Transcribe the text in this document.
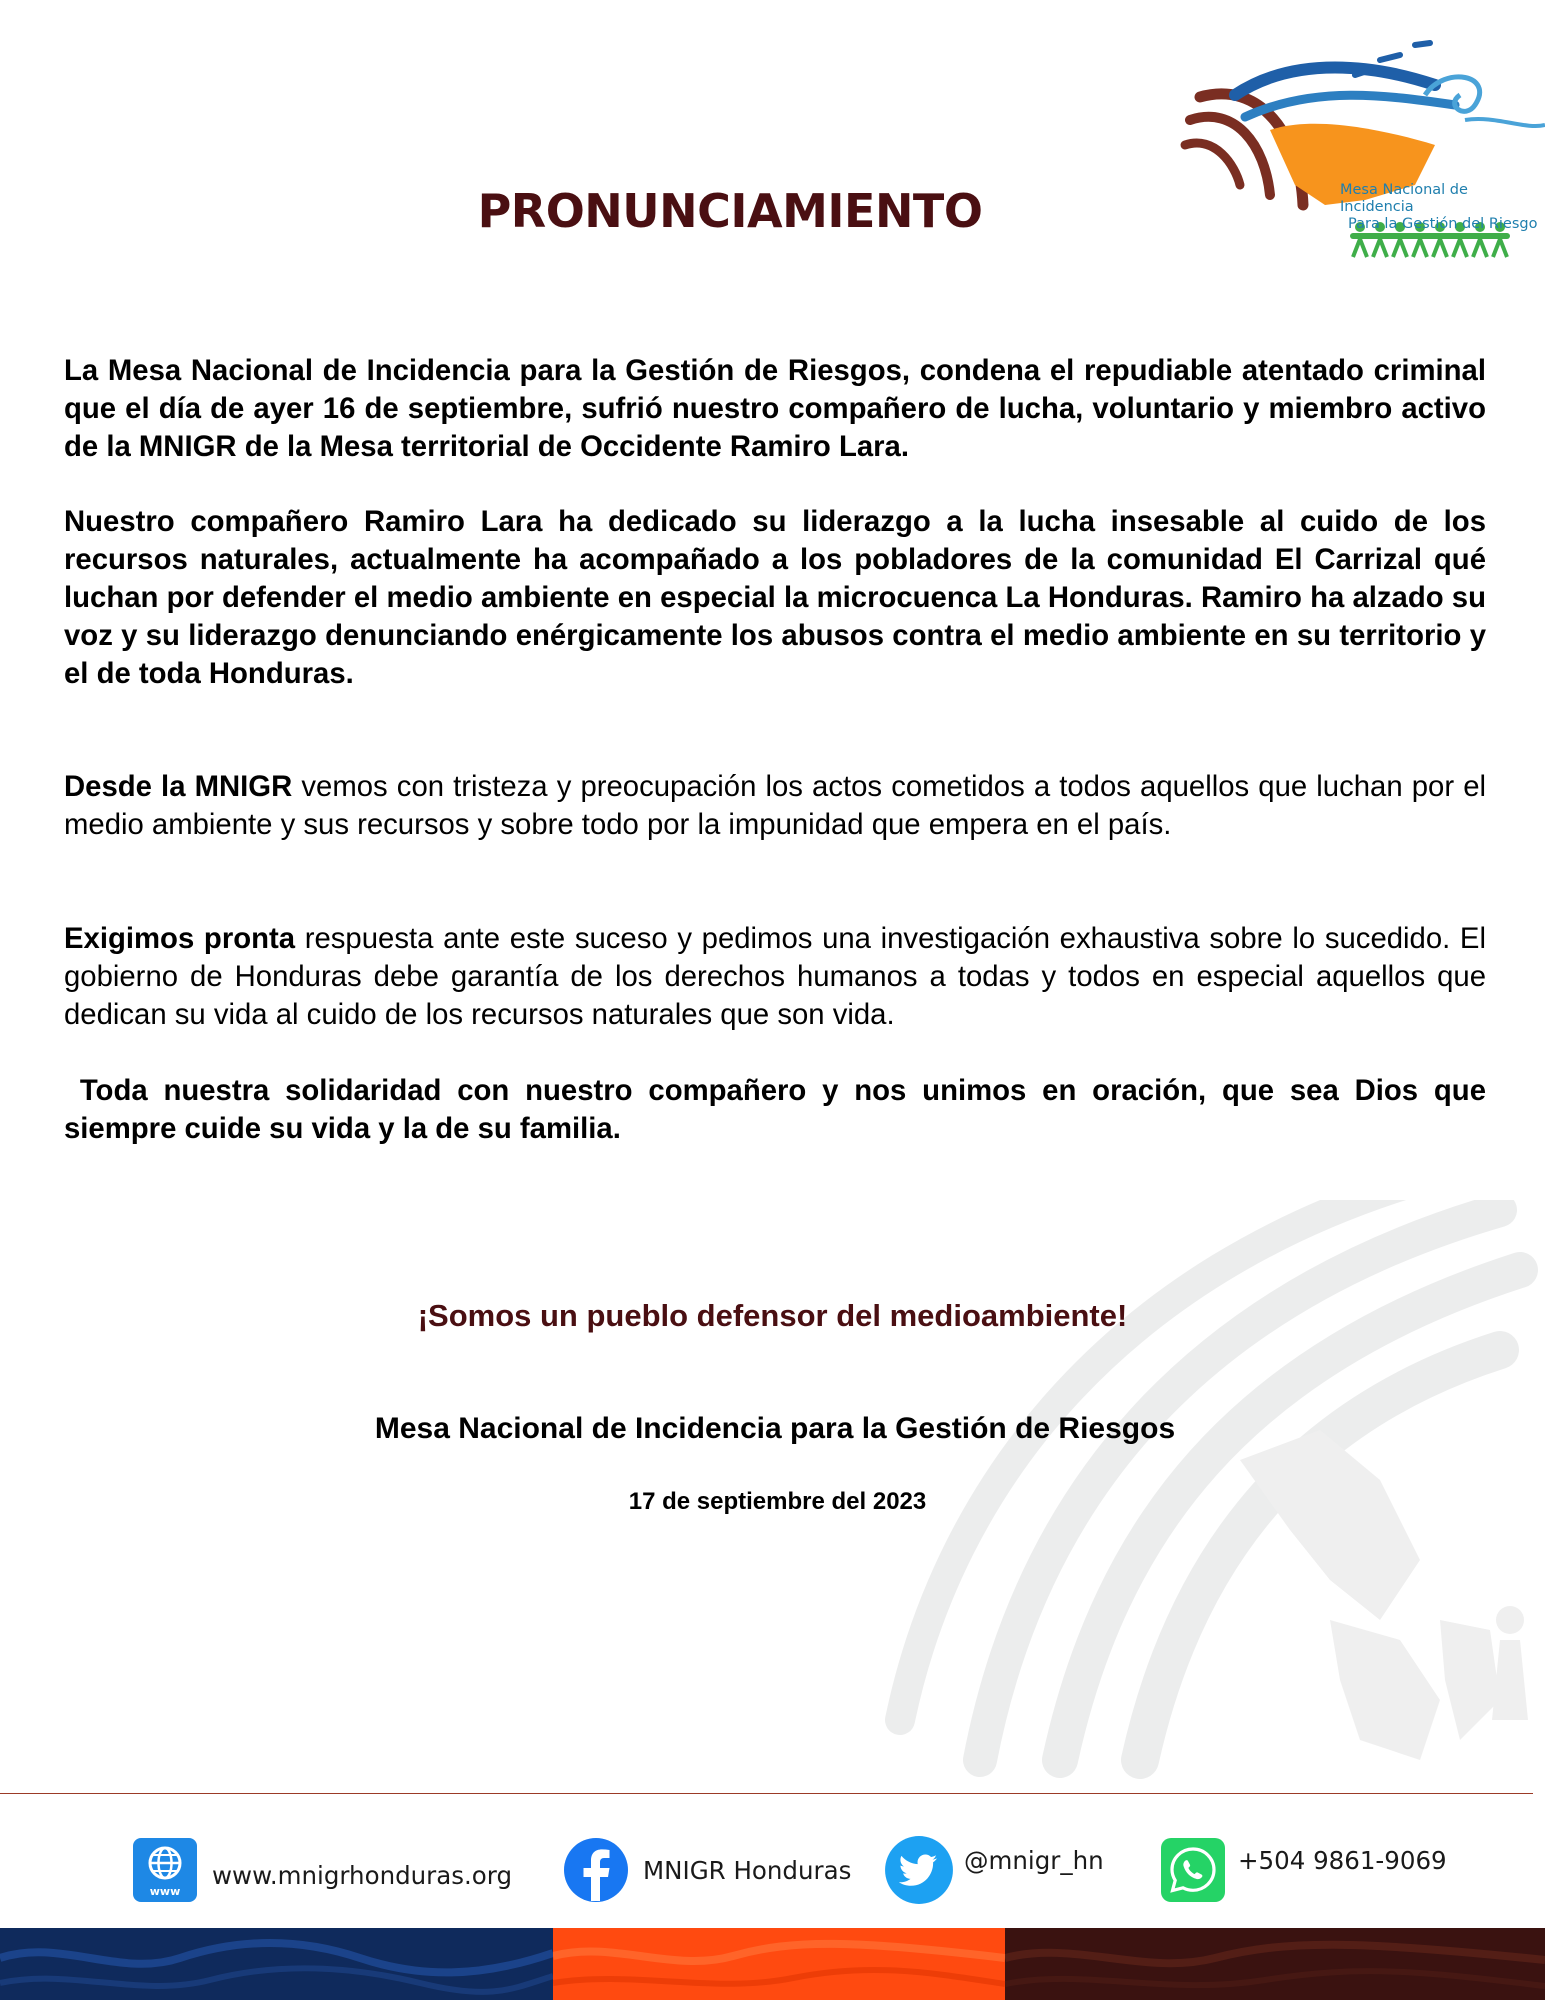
Mesa Nacional de Incidencia
Para la Gestión del Riesgo
PRONUNCIAMIENTO

La Mesa Nacional de Incidencia para la Gestión de Riesgos, condena el repudiable atentado criminal que el día de ayer 16 de septiembre, sufrió nuestro compañero de lucha, voluntario y miembro activo de la MNIGR de la Mesa territorial de Occidente Ramiro Lara.

Nuestro compañero Ramiro Lara ha dedicado su liderazgo a la lucha insesable al cuido de los recursos naturales, actualmente ha acompañado a los pobladores de la comunidad El Carrizal qué luchan por defender el medio ambiente en especial la microcuenca La Honduras. Ramiro ha alzado su voz y su liderazgo denunciando enérgicamente los abusos contra el medio ambiente en su territorio y el de toda Honduras.

Desde la MNIGR vemos con tristeza y preocupación los actos cometidos a todos aquellos que luchan por el medio ambiente y sus recursos y sobre todo por la impunidad que empera en el país.

Exigimos pronta respuesta ante este suceso y pedimos una investigación exhaustiva sobre lo sucedido. El gobierno de Honduras debe garantía de los derechos humanos a todas y todos en especial aquellos que dedican su vida al cuido de los recursos naturales que son vida.

Toda nuestra solidaridad con nuestro compañero y nos unimos en oración, que sea Dios que siempre cuide su vida y la de su familia.

¡Somos un pueblo defensor del medioambiente!
Mesa Nacional de Incidencia para la Gestión de Riesgos
17 de septiembre del 2023
www
www.mnigrhonduras.org	MNIGR Honduras	@mnigr_hn	+504 9861-9069
